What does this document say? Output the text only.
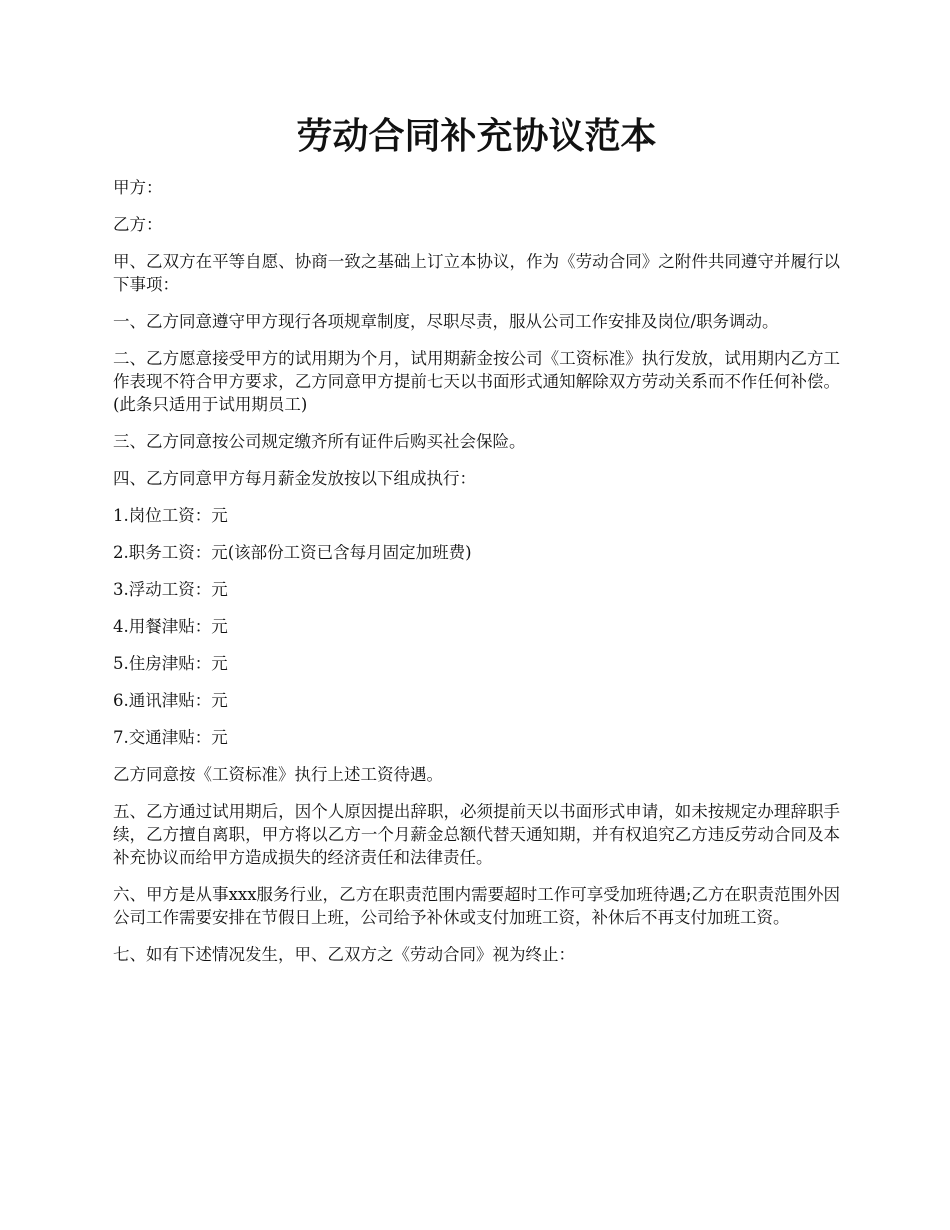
劳动合同补充协议范本

甲方：

乙方：

甲、乙双方在平等自愿、协商一致之基础上订立本协议，作为《劳动合同》之附件共同遵守并履行以下事项：

一、乙方同意遵守甲方现行各项规章制度，尽职尽责，服从公司工作安排及岗位/职务调动。

二、乙方愿意接受甲方的试用期为个月，试用期薪金按公司《工资标准》执行发放，试用期内乙方工作表现不符合甲方要求，乙方同意甲方提前七天以书面形式通知解除双方劳动关系而不作任何补偿。(此条只适用于试用期员工)

三、乙方同意按公司规定缴齐所有证件后购买社会保险。

四、乙方同意甲方每月薪金发放按以下组成执行：

1.岗位工资：元

2.职务工资：元(该部份工资已含每月固定加班费)

3.浮动工资：元

4.用餐津贴：元

5.住房津贴：元

6.通讯津贴：元

7.交通津贴：元

乙方同意按《工资标准》执行上述工资待遇。

五、乙方通过试用期后，因个人原因提出辞职，必须提前天以书面形式申请，如未按规定办理辞职手续，乙方擅自离职，甲方将以乙方一个月薪金总额代替天通知期，并有权追究乙方违反劳动合同及本补充协议而给甲方造成损失的经济责任和法律责任。

六、甲方是从事xxx服务行业，乙方在职责范围内需要超时工作可享受加班待遇;乙方在职责范围外因公司工作需要安排在节假日上班，公司给予补休或支付加班工资，补休后不再支付加班工资。

七、如有下述情况发生，甲、乙双方之《劳动合同》视为终止：
